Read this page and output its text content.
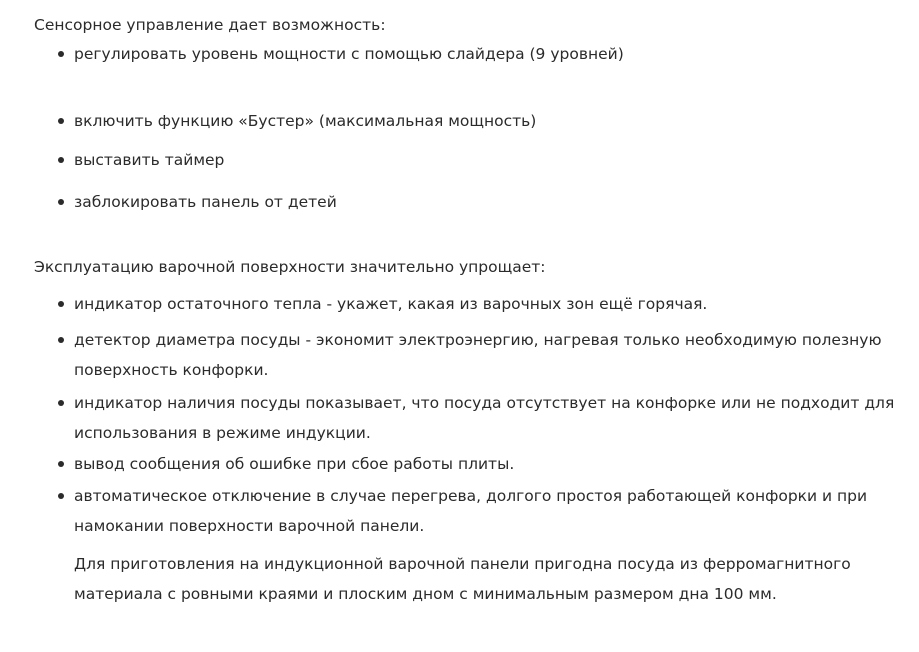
Сенсорное управление дает возможность:

регулировать уровень мощности с помощью слайдера (9 уровней)
включить функцию «Бустер» (максимальная мощность)
выставить таймер
заблокировать панель от детей

Эксплуатацию варочной поверхности значительно упрощает:

индикатор остаточного тепла - укажет, какая из варочных зон ещё горячая.
детектор диаметра посуды - экономит электроэнергию, нагревая только необходимую полезную поверхность конфорки.
индикатор наличия посуды показывает, что посуда отсутствует на конфорке или не подходит для использования в режиме индукции.
вывод сообщения об ошибке при сбое работы плиты.
автоматическое отключение в случае перегрева, долгого простоя работающей конфорки и при намокании поверхности варочной панели.

Для приготовления на индукционной варочной панели пригодна посуда из ферромагнитного материала с ровными краями и плоским дном с минимальным размером дна 100 мм.
